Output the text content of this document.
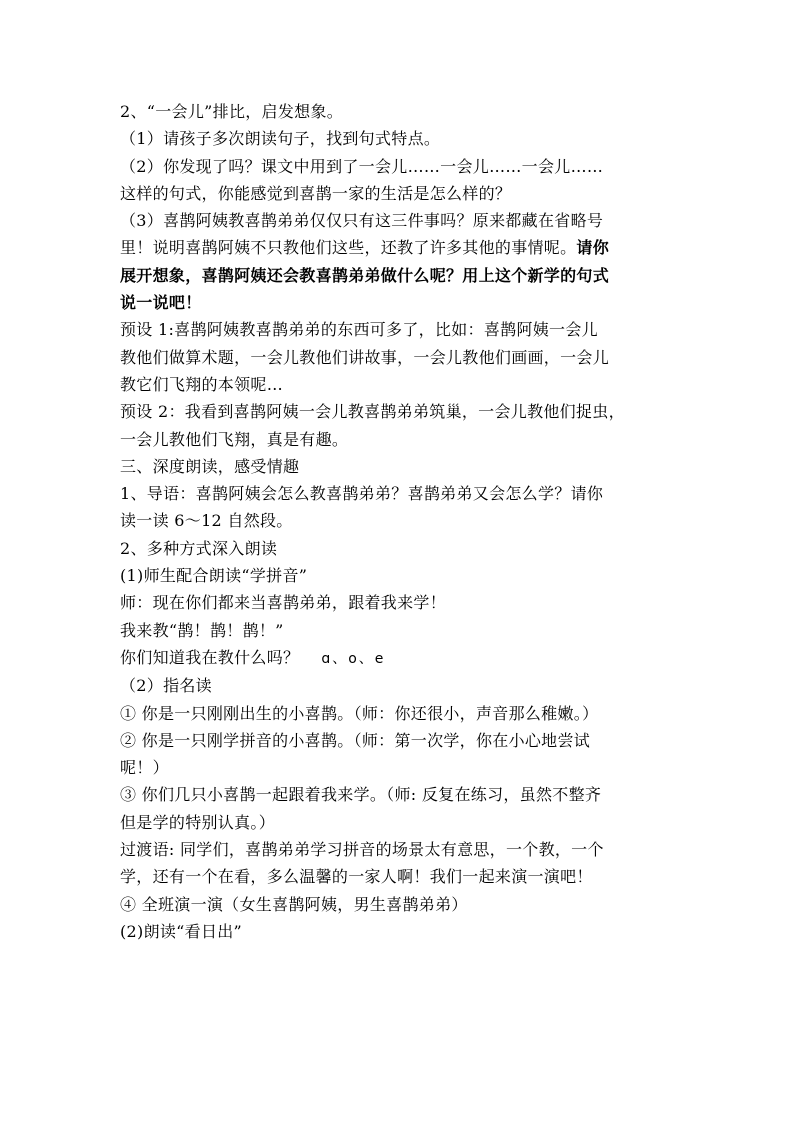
2、“一会儿”排比，启发想象。
（1）请孩子多次朗读句子，找到句式特点。
（2）你发现了吗？课文中用到了一会儿……一会儿……一会儿……
这样的句式，你能感觉到喜鹊一家的生活是怎么样的？
（3）喜鹊阿姨教喜鹊弟弟仅仅只有这三件事吗？原来都藏在省略号
里！说明喜鹊阿姨不只教他们这些，还教了许多其他的事情呢。请你
展开想象，喜鹊阿姨还会教喜鹊弟弟做什么呢？用上这个新学的句式
说一说吧！
预设 1:喜鹊阿姨教喜鹊弟弟的东西可多了，比如：喜鹊阿姨一会儿
教他们做算术题，一会儿教他们讲故事，一会儿教他们画画，一会儿
教它们飞翔的本领呢…
预设 2：我看到喜鹊阿姨一会儿教喜鹊弟弟筑巢，一会儿教他们捉虫，
一会儿教他们飞翔，真是有趣。
三、深度朗读，感受情趣
1、导语：喜鹊阿姨会怎么教喜鹊弟弟？喜鹊弟弟又会怎么学？请你
读一读 6～12 自然段。
2、多种方式深入朗读
(1)师生配合朗读“学拼音”
师：现在你们都来当喜鹊弟弟，跟着我来学！
我来教“鹊！鹊！鹊！”
你们知道我在教什么吗？ ɑ、o、e
（2）指名读
① 你是一只刚刚出生的小喜鹊。（师：你还很小，声音那么稚嫩。）
② 你是一只刚学拼音的小喜鹊。（师：第一次学，你在小心地尝试
呢！）
③ 你们几只小喜鹊一起跟着我来学。（师: 反复在练习，虽然不整齐
但是学的特别认真。）
过渡语: 同学们，喜鹊弟弟学习拼音的场景太有意思，一个教，一个
学，还有一个在看，多么温馨的一家人啊！我们一起来演一演吧！
④ 全班演一演（女生喜鹊阿姨，男生喜鹊弟弟）
(2)朗读“看日出”
